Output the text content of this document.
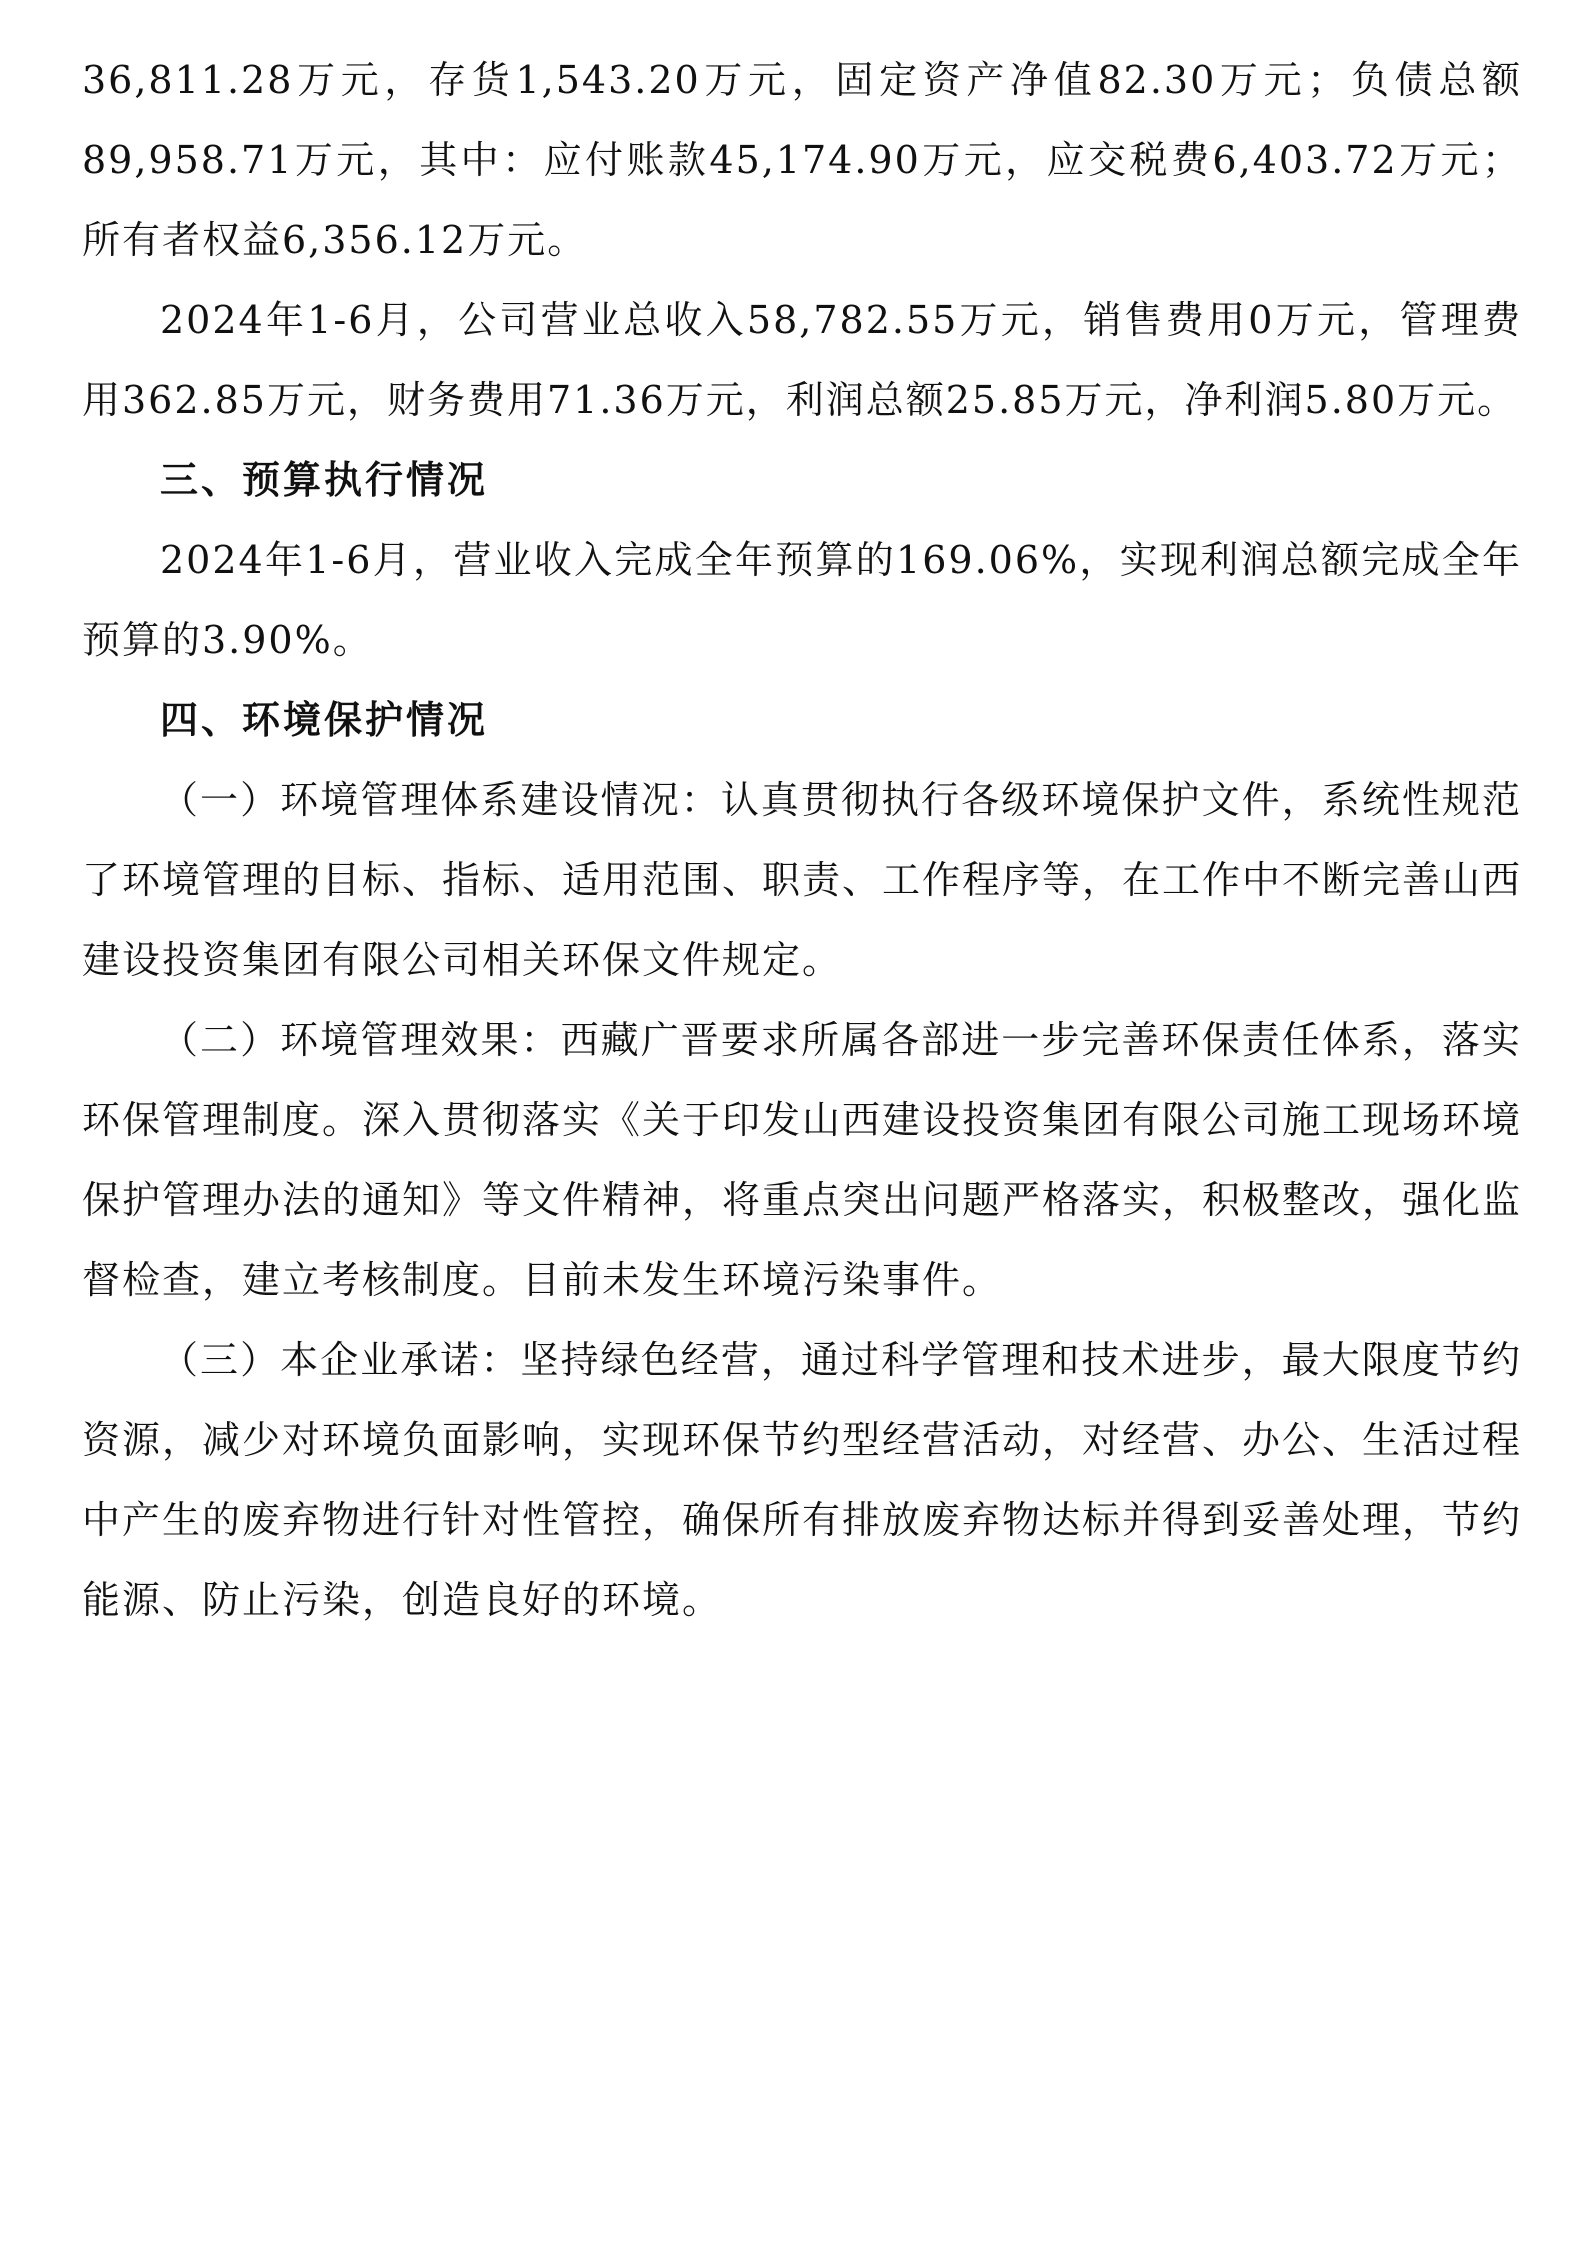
36,811.28万元，存货1,543.20万元，固定资产净值82.30万元；负债总额89,958.71万元，其中：应付账款45,174.90万元，应交税费6,403.72万元；所有者权益6,356.12万元。

2024年1-6月，公司营业总收入58,782.55万元，销售费用0万元，管理费用362.85万元，财务费用71.36万元，利润总额25.85万元，净利润5.80万元。

三、预算执行情况

2024年1-6月，营业收入完成全年预算的169.06%，实现利润总额完成全年预算的3.90%。

四、环境保护情况

（一）环境管理体系建设情况：认真贯彻执行各级环境保护文件，系统性规范了环境管理的目标、指标、适用范围、职责、工作程序等，在工作中不断完善山西建设投资集团有限公司相关环保文件规定。

（二）环境管理效果：西藏广晋要求所属各部进一步完善环保责任体系，落实环保管理制度。深入贯彻落实《关于印发山西建设投资集团有限公司施工现场环境保护管理办法的通知》等文件精神，将重点突出问题严格落实，积极整改，强化监督检查，建立考核制度。目前未发生环境污染事件。

（三）本企业承诺：坚持绿色经营，通过科学管理和技术进步，最大限度节约资源，减少对环境负面影响，实现环保节约型经营活动，对经营、办公、生活过程中产生的废弃物进行针对性管控，确保所有排放废弃物达标并得到妥善处理，节约能源、防止污染，创造良好的环境。
